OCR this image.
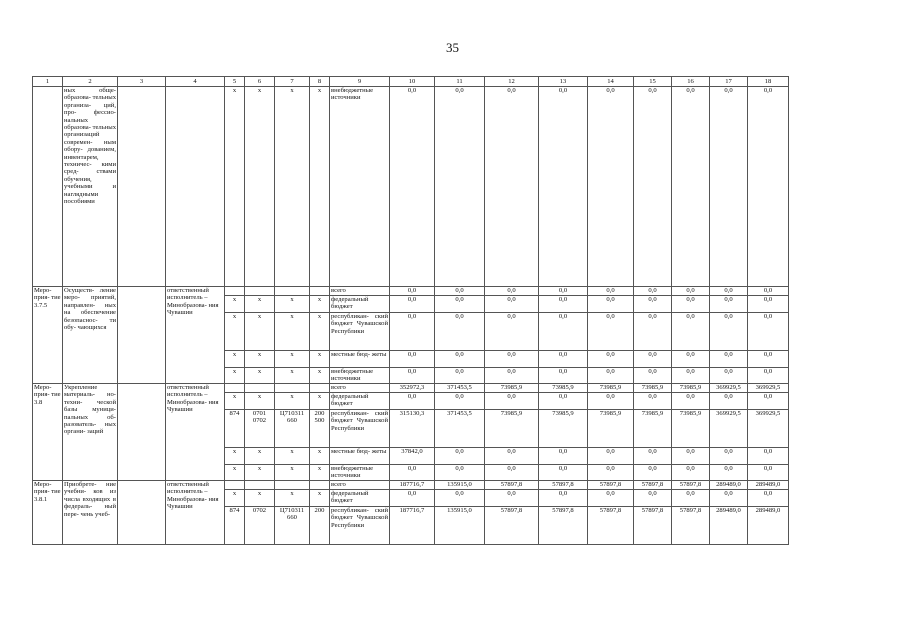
35
1	2	3	4	5	6	7	8	9	10	11	12	13	14	15	16	17	18
	ных обще- образова- тельных организа- ций, про- фессио- нальных образова- тельных организаций современ- ным обору- дованием, инвентарем, техничес- кими сред- ствами обучения, учебными и наглядными пособиями			x	x	x	x	внебюджетные источники	0,0	0,0	0,0	0,0	0,0	0,0	0,0	0,0	0,0
Меро- прия- тие 3.7.5	Осуществ- ление меро- приятий, направлен- ных на обеспечение безопаснос- ти обу- чающихся		ответственный исполнитель – Минобразова- ния Чувашии					всего	0,0	0,0	0,0	0,0	0,0	0,0	0,0	0,0	0,0
				x	x	x	x	федеральный бюджет	0,0	0,0	0,0	0,0	0,0	0,0	0,0	0,0	0,0
				x	x	x	x	республикан- ский бюджет Чувашской Республики	0,0	0,0	0,0	0,0	0,0	0,0	0,0	0,0	0,0
				x	x	x	x	местные бюд- жеты	0,0	0,0	0,0	0,0	0,0	0,0	0,0	0,0	0,0
				x	x	x	x	внебюджетные источники	0,0	0,0	0,0	0,0	0,0	0,0	0,0	0,0	0,0
Меро- прия- тие 3.8	Укрепление материаль- но-техни- ческой базы муници- пальных об- разователь- ных органи- заций		ответственный исполнитель – Минобразова- ния Чувашии					всего	352972,3	371453,5	73985,9	73985,9	73985,9	73985,9	73985,9	369929,5	369929,5
				x	x	x	x	федеральный бюджет	0,0	0,0	0,0	0,0	0,0	0,0	0,0	0,0	0,0
				874	0701 0702	Ц710311 660	200 500	республикан- ский бюджет Чувашской Республики	315130,3	371453,5	73985,9	73985,9	73985,9	73985,9	73985,9	369929,5	369929,5
				x	x	x	x	местные бюд- жеты	37842,0	0,0	0,0	0,0	0,0	0,0	0,0	0,0	0,0
				x	x	x	x	внебюджетные источники	0,0	0,0	0,0	0,0	0,0	0,0	0,0	0,0	0,0
Меро- прия- тие 3.8.1	Приобрете- ние учебни- ков из числа входящих в федераль- ный пере- чень учеб-		ответственный исполнитель – Минобразова- ния Чувашии					всего	187716,7	135915,0	57897,8	57897,8	57897,8	57897,8	57897,8	289489,0	289489,0
				x	x	x	x	федеральный бюджет	0,0	0,0	0,0	0,0	0,0	0,0	0,0	0,0	0,0
				874	0702	Ц710311 660	200	республикан- ский бюджет Чувашской Республики	187716,7	135915,0	57897,8	57897,8	57897,8	57897,8	57897,8	289489,0	289489,0
